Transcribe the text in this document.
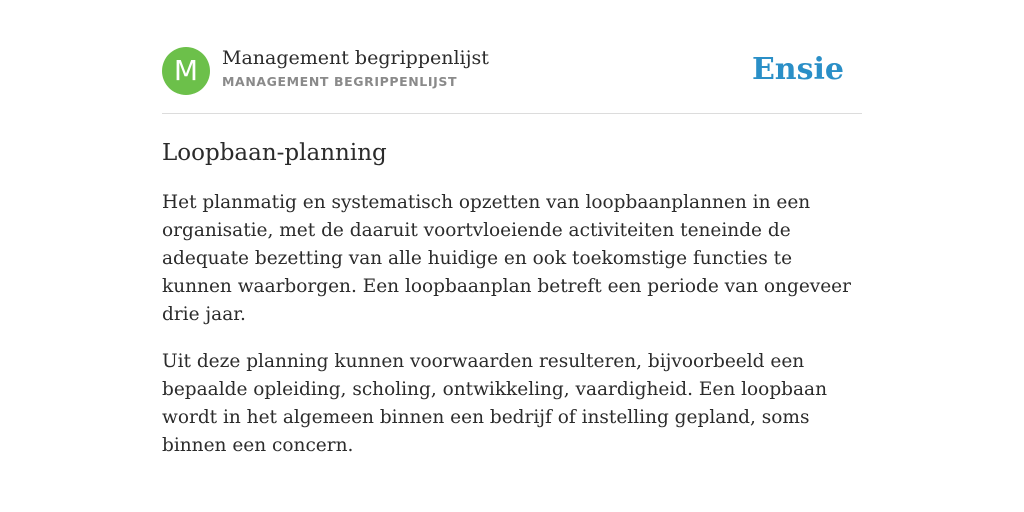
M	Management begrippenlijst
MANAGEMENT BEGRIPPENLIJST	Ensie
Loopbaan-planning

Het planmatig en systematisch opzetten van loopbaanplannen in een organisatie, met de daaruit voortvloeiende activiteiten teneinde de adequate bezetting van alle huidige en ook toekomstige functies te kunnen waarborgen. Een loopbaanplan betreft een periode van ongeveer drie jaar.

Uit deze planning kunnen voorwaarden resulteren, bijvoorbeeld een bepaalde opleiding, scholing, ontwikkeling, vaardigheid. Een loopbaan wordt in het algemeen binnen een bedrijf of instelling gepland, soms binnen een concern.
